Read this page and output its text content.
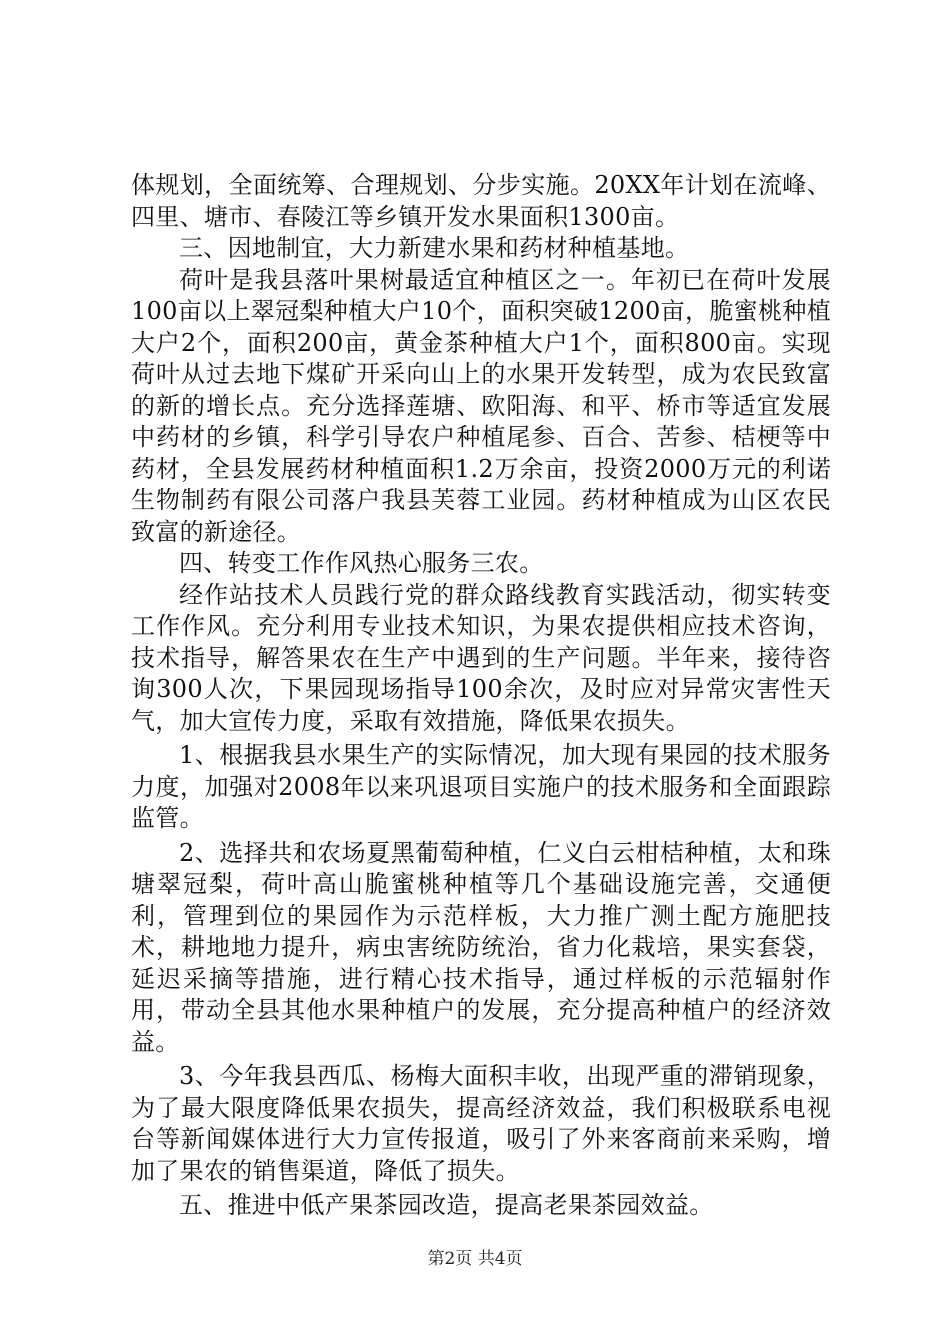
体规划，全面统筹、合理规划、分步实施。20XX年计划在流峰、四里、塘市、春陵江等乡镇开发水果面积1300亩。

三、因地制宜，大力新建水果和药材种植基地。

荷叶是我县落叶果树最适宜种植区之一。年初已在荷叶发展100亩以上翠冠梨种植大户10个，面积突破1200亩，脆蜜桃种植大户2个，面积200亩，黄金茶种植大户1个，面积800亩。实现荷叶从过去地下煤矿开采向山上的水果开发转型，成为农民致富的新的增长点。充分选择莲塘、欧阳海、和平、桥市等适宜发展中药材的乡镇，科学引导农户种植尾参、百合、苦参、桔梗等中药材，全县发展药材种植面积1.2万余亩，投资2000万元的利诺生物制药有限公司落户我县芙蓉工业园。药材种植成为山区农民致富的新途径。

四、转变工作作风热心服务三农。

经作站技术人员践行党的群众路线教育实践活动，彻实转变工作作风。充分利用专业技术知识，为果农提供相应技术咨询，技术指导，解答果农在生产中遇到的生产问题。半年来，接待咨询300人次，下果园现场指导100余次，及时应对异常灾害性天气，加大宣传力度，采取有效措施，降低果农损失。

1、根据我县水果生产的实际情况，加大现有果园的技术服务力度，加强对2008年以来巩退项目实施户的技术服务和全面跟踪监管。

2、选择共和农场夏黑葡萄种植，仁义白云柑桔种植，太和珠塘翠冠梨，荷叶高山脆蜜桃种植等几个基础设施完善，交通便利，管理到位的果园作为示范样板，大力推广测土配方施肥技术，耕地地力提升，病虫害统防统治，省力化栽培，果实套袋，延迟采摘等措施，进行精心技术指导，通过样板的示范辐射作用，带动全县其他水果种植户的发展，充分提高种植户的经济效益。

3、今年我县西瓜、杨梅大面积丰收，出现严重的滞销现象，为了最大限度降低果农损失，提高经济效益，我们积极联系电视台等新闻媒体进行大力宣传报道，吸引了外来客商前来采购，增加了果农的销售渠道，降低了损失。

五、推进中低产果茶园改造，提高老果茶园效益。

第2页 共4页
